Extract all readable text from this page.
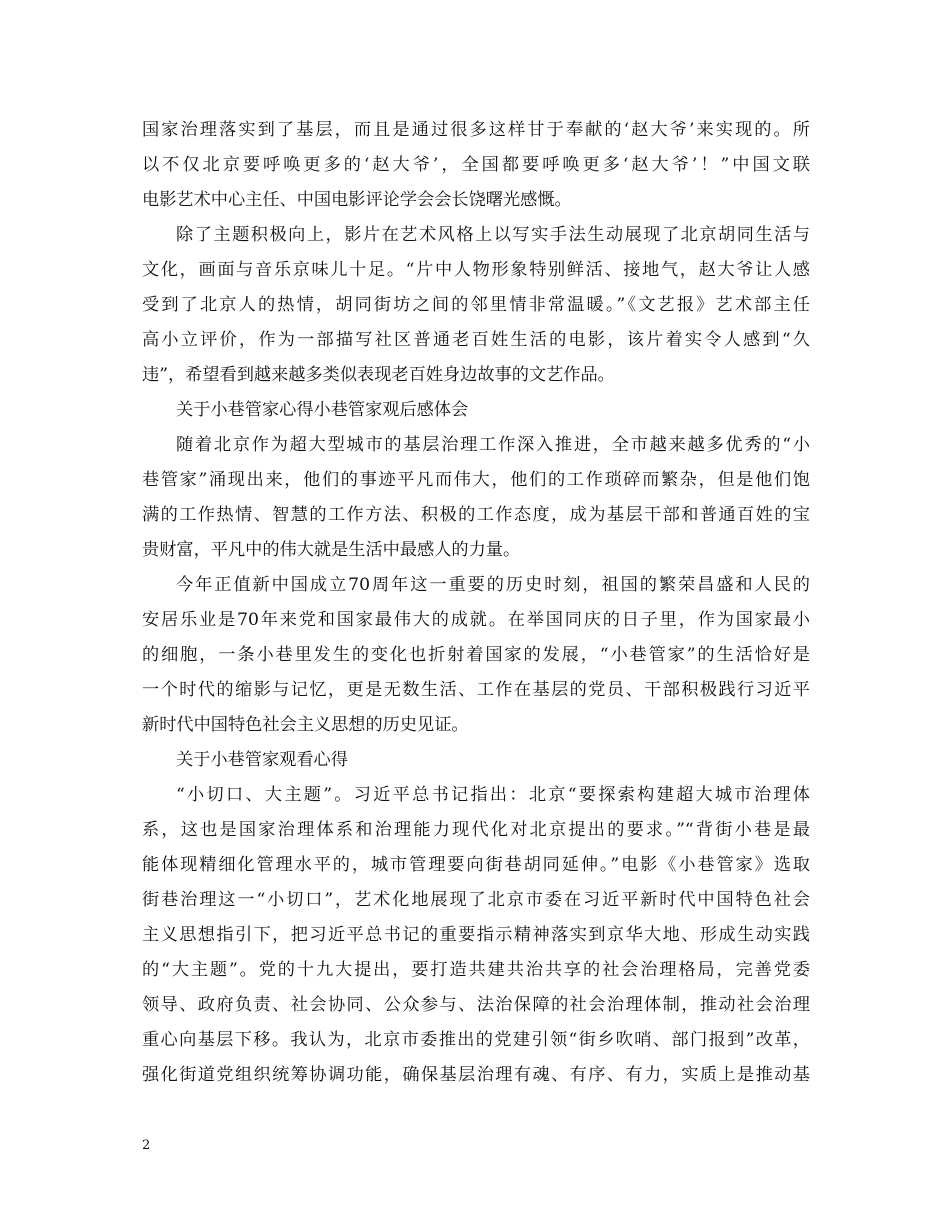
国家治理落实到了基层，而且是通过很多这样甘于奉献的‘赵大爷’来实现的。所
以不仅北京要呼唤更多的‘赵大爷’，全国都要呼唤更多‘赵大爷’！”中国文联
电影艺术中心主任、中国电影评论学会会长饶曙光感慨。
除了主题积极向上，影片在艺术风格上以写实手法生动展现了北京胡同生活与
文化，画面与音乐京味儿十足。“片中人物形象特别鲜活、接地气，赵大爷让人感
受到了北京人的热情，胡同街坊之间的邻里情非常温暖。”《文艺报》艺术部主任
高小立评价，作为一部描写社区普通老百姓生活的电影，该片着实令人感到“久
违”，希望看到越来越多类似表现老百姓身边故事的文艺作品。
关于小巷管家心得小巷管家观后感体会
随着北京作为超大型城市的基层治理工作深入推进，全市越来越多优秀的“小
巷管家”涌现出来，他们的事迹平凡而伟大，他们的工作琐碎而繁杂，但是他们饱
满的工作热情、智慧的工作方法、积极的工作态度，成为基层干部和普通百姓的宝
贵财富，平凡中的伟大就是生活中最感人的力量。
今年正值新中国成立70周年这一重要的历史时刻，祖国的繁荣昌盛和人民的
安居乐业是70年来党和国家最伟大的成就。在举国同庆的日子里，作为国家最小
的细胞，一条小巷里发生的变化也折射着国家的发展，“小巷管家”的生活恰好是
一个时代的缩影与记忆，更是无数生活、工作在基层的党员、干部积极践行习近平
新时代中国特色社会主义思想的历史见证。
关于小巷管家观看心得
“小切口、大主题”。习近平总书记指出：北京“要探索构建超大城市治理体
系，这也是国家治理体系和治理能力现代化对北京提出的要求。”“背街小巷是最
能体现精细化管理水平的，城市管理要向街巷胡同延伸。”电影《小巷管家》选取
街巷治理这一“小切口”，艺术化地展现了北京市委在习近平新时代中国特色社会
主义思想指引下，把习近平总书记的重要指示精神落实到京华大地、形成生动实践
的“大主题”。党的十九大提出，要打造共建共治共享的社会治理格局，完善党委
领导、政府负责、社会协同、公众参与、法治保障的社会治理体制，推动社会治理
重心向基层下移。我认为，北京市委推出的党建引领“街乡吹哨、部门报到”改革，
强化街道党组织统筹协调功能，确保基层治理有魂、有序、有力，实质上是推动基
2
